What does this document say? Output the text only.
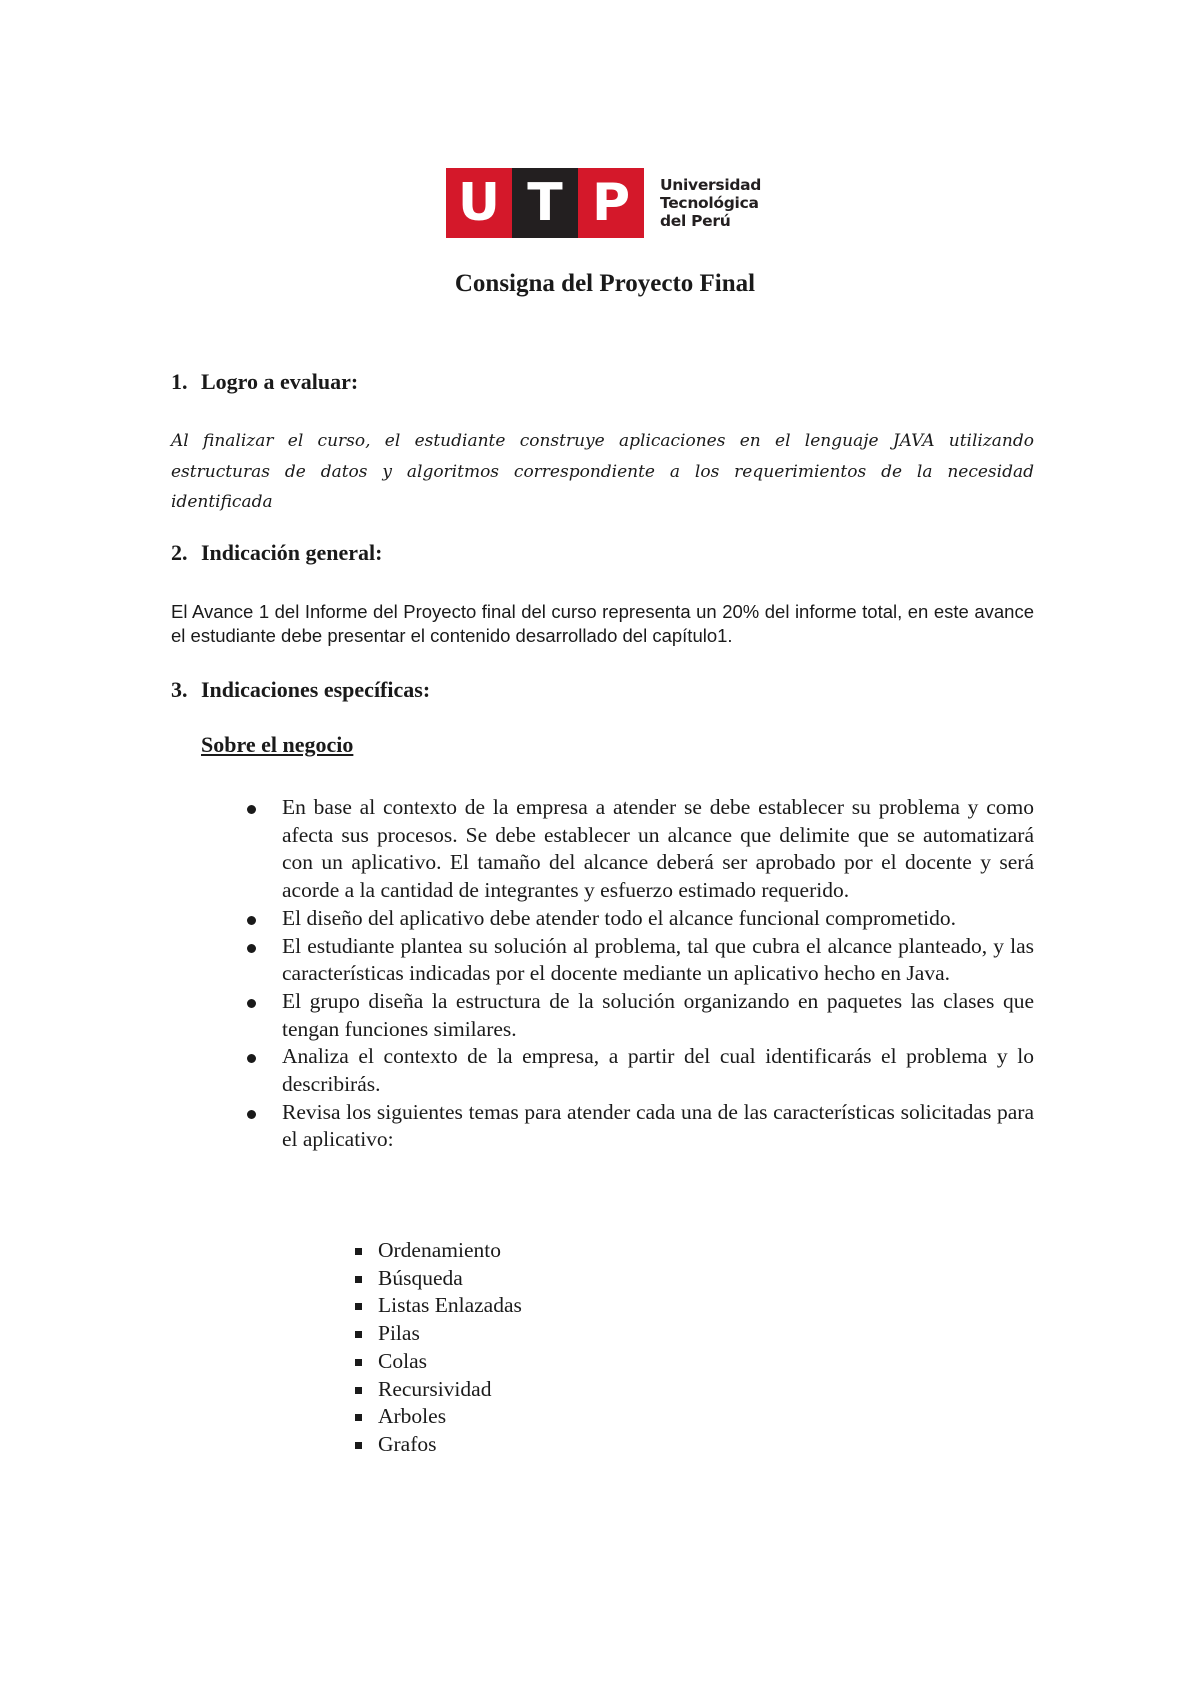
U T P	Universidad
Tecnológica
del Perú
Consigna del Proyecto Final
1. Logro a evaluar:
Al finalizar el curso, el estudiante construye aplicaciones en el lenguaje JAVA utilizando estructuras de datos y algoritmos correspondiente a los requerimientos de la necesidad identificada
2. Indicación general:
El Avance 1 del Informe del Proyecto final del curso representa un 20% del informe total, en este avance el estudiante debe presentar el contenido desarrollado del capítulo1.
3. Indicaciones específicas:
Sobre el negocio
En base al contexto de la empresa a atender se debe establecer su problema y como afecta sus procesos. Se debe establecer un alcance que delimite que se automatizará con un aplicativo. El tamaño del alcance deberá ser aprobado por el docente y será acorde a la cantidad de integrantes y esfuerzo estimado requerido.
El diseño del aplicativo debe atender todo el alcance funcional comprometido.
El estudiante plantea su solución al problema, tal que cubra el alcance planteado, y las características indicadas por el docente mediante un aplicativo hecho en Java.
El grupo diseña la estructura de la solución organizando en paquetes las clases que tengan funciones similares.
Analiza el contexto de la empresa, a partir del cual identificarás el problema y lo describirás.
Revisa los siguientes temas para atender cada una de las características solicitadas para el aplicativo:
Ordenamiento
Búsqueda
Listas Enlazadas
Pilas
Colas
Recursividad
Arboles
Grafos
